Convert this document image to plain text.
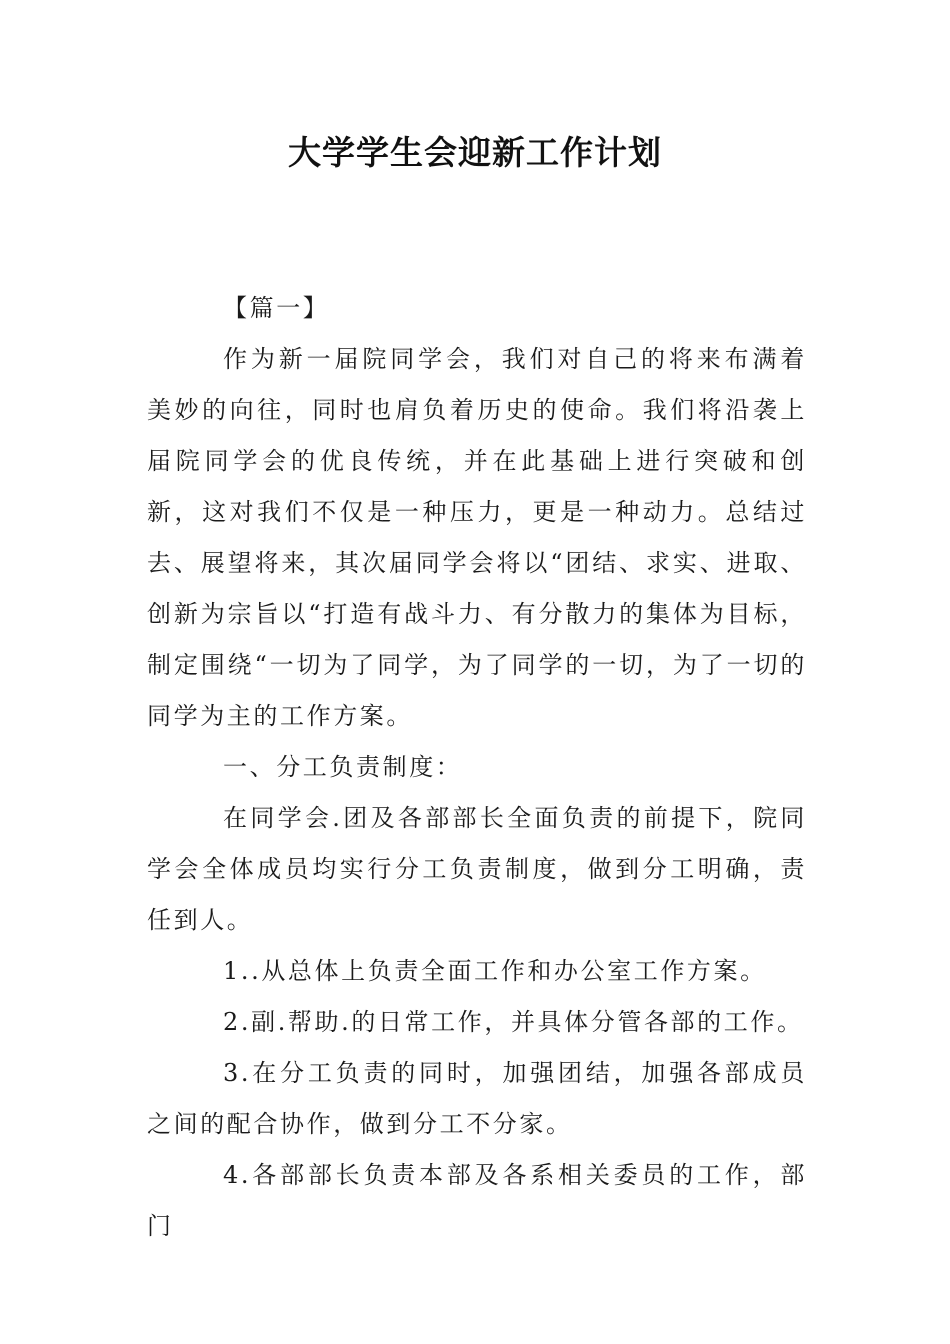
大学学生会迎新工作计划

【篇一】

作为新一届院同学会，我们对自己的将来布满着美妙的向往，同时也肩负着历史的使命。我们将沿袭上届院同学会的优良传统，并在此基础上进行突破和创新，这对我们不仅是一种压力，更是一种动力。总结过去、展望将来，其次届同学会将以“团结、求实、进取、创新为宗旨以“打造有战斗力、有分散力的集体为目标，制定围绕“一切为了同学，为了同学的一切，为了一切的同学为主的工作方案。

一、分工负责制度：

在同学会.团及各部部长全面负责的前提下，院同学会全体成员均实行分工负责制度，做到分工明确，责任到人。

1..从总体上负责全面工作和办公室工作方案。

2.副.帮助.的日常工作，并具体分管各部的工作。

3.在分工负责的同时，加强团结，加强各部成员之间的配合协作，做到分工不分家。

4.各部部长负责本部及各系相关委员的工作，部门
